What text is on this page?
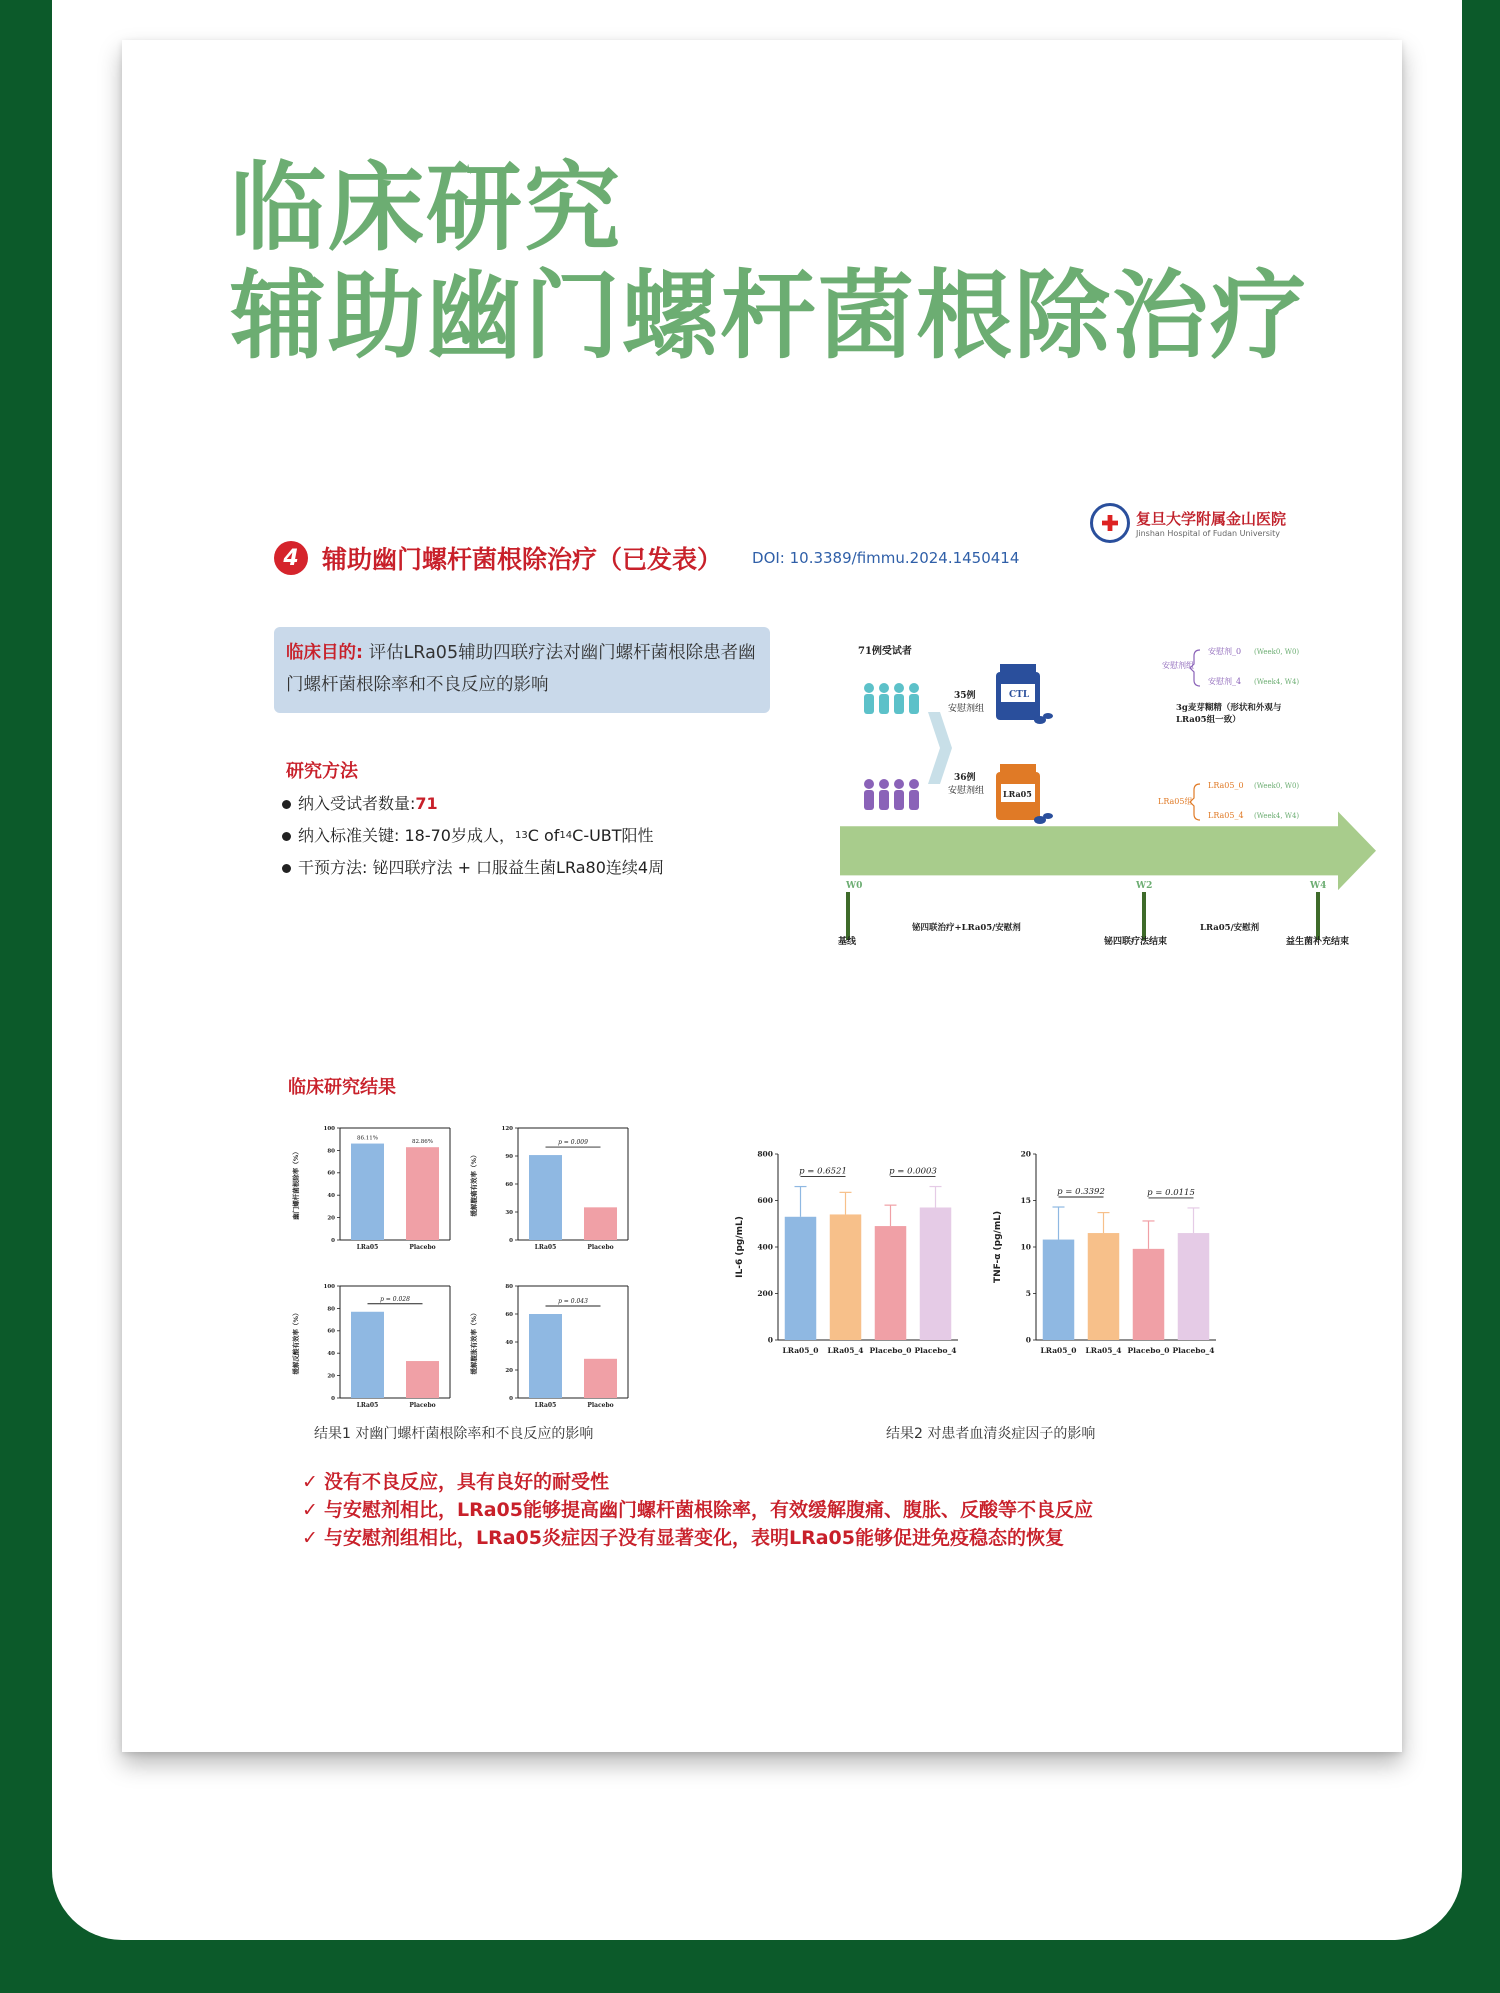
临床研究
辅助幽门螺杆菌根除治疗
复旦大学附属金山医院
Jinshan Hospital of Fudan University
4 辅助幽门螺杆菌根除治疗（已发表） DOI: 10.3389/fimmu.2024.1450414
临床目的: 评估LRa05辅助四联疗法对幽门螺杆菌根除患者幽门螺杆菌根除率和不良反应的影响
研究方法
纳入受试者数量: 71
纳入标准关键: 18-70岁成人， 13 C of 14 C-UBT阳性
干预方法: 铋四联疗法 + 口服益生菌LRa80连续4周
71例受试者
35例
安慰剂组
36例
安慰剂组
CTL
LRa05
安慰剂组
安慰剂_0 (Week0, W0)
安慰剂_4 (Week4, W4)
3g麦芽糊精（形状和外观与
LRa05组一致）
LRa05组
LRa05_0 (Week0, W0)
LRa05_4 (Week4, W4)
W0	W2	W4
2周
铋四联治疗+LRa05/安慰剂
2周
LRa05/安慰剂
基线	铋四联疗法结束	益生菌补充结束
临床研究结果
0
20
40
60
80
100
幽门螺杆菌根除率（%）
86.11%
LRa05
82.86%
Placebo
0
30
60
90
120
缓解腹痛有效率（%）
LRa05	Placebo
p = 0.009
0
20
40
60
80
100
缓解反酸有效率（%）
LRa05	Placebo
p = 0.028
0
20
40
60
80
缓解腹胀有效率（%）
LRa05	Placebo
p = 0.043
0
200
400
600
800
IL-6 (pg/mL)
LRa05_0 LRa05_4 Placebo_0 Placebo_4
p = 0.6521	p = 0.0003
0
5
10
15
20
TNF-α (pg/mL)
LRa05_0 LRa05_4 Placebo_0 Placebo_4
p = 0.3392	p = 0.0115
结果1 对幽门螺杆菌根除率和不良反应的影响	结果2 对患者血清炎症因子的影响
✓ 没有不良反应，具有良好的耐受性
✓ 与安慰剂相比，LRa05能够提高幽门螺杆菌根除率，有效缓解腹痛、腹胀、反酸等不良反应
✓ 与安慰剂组相比，LRa05炎症因子没有显著变化，表明LRa05能够促进免疫稳态的恢复
